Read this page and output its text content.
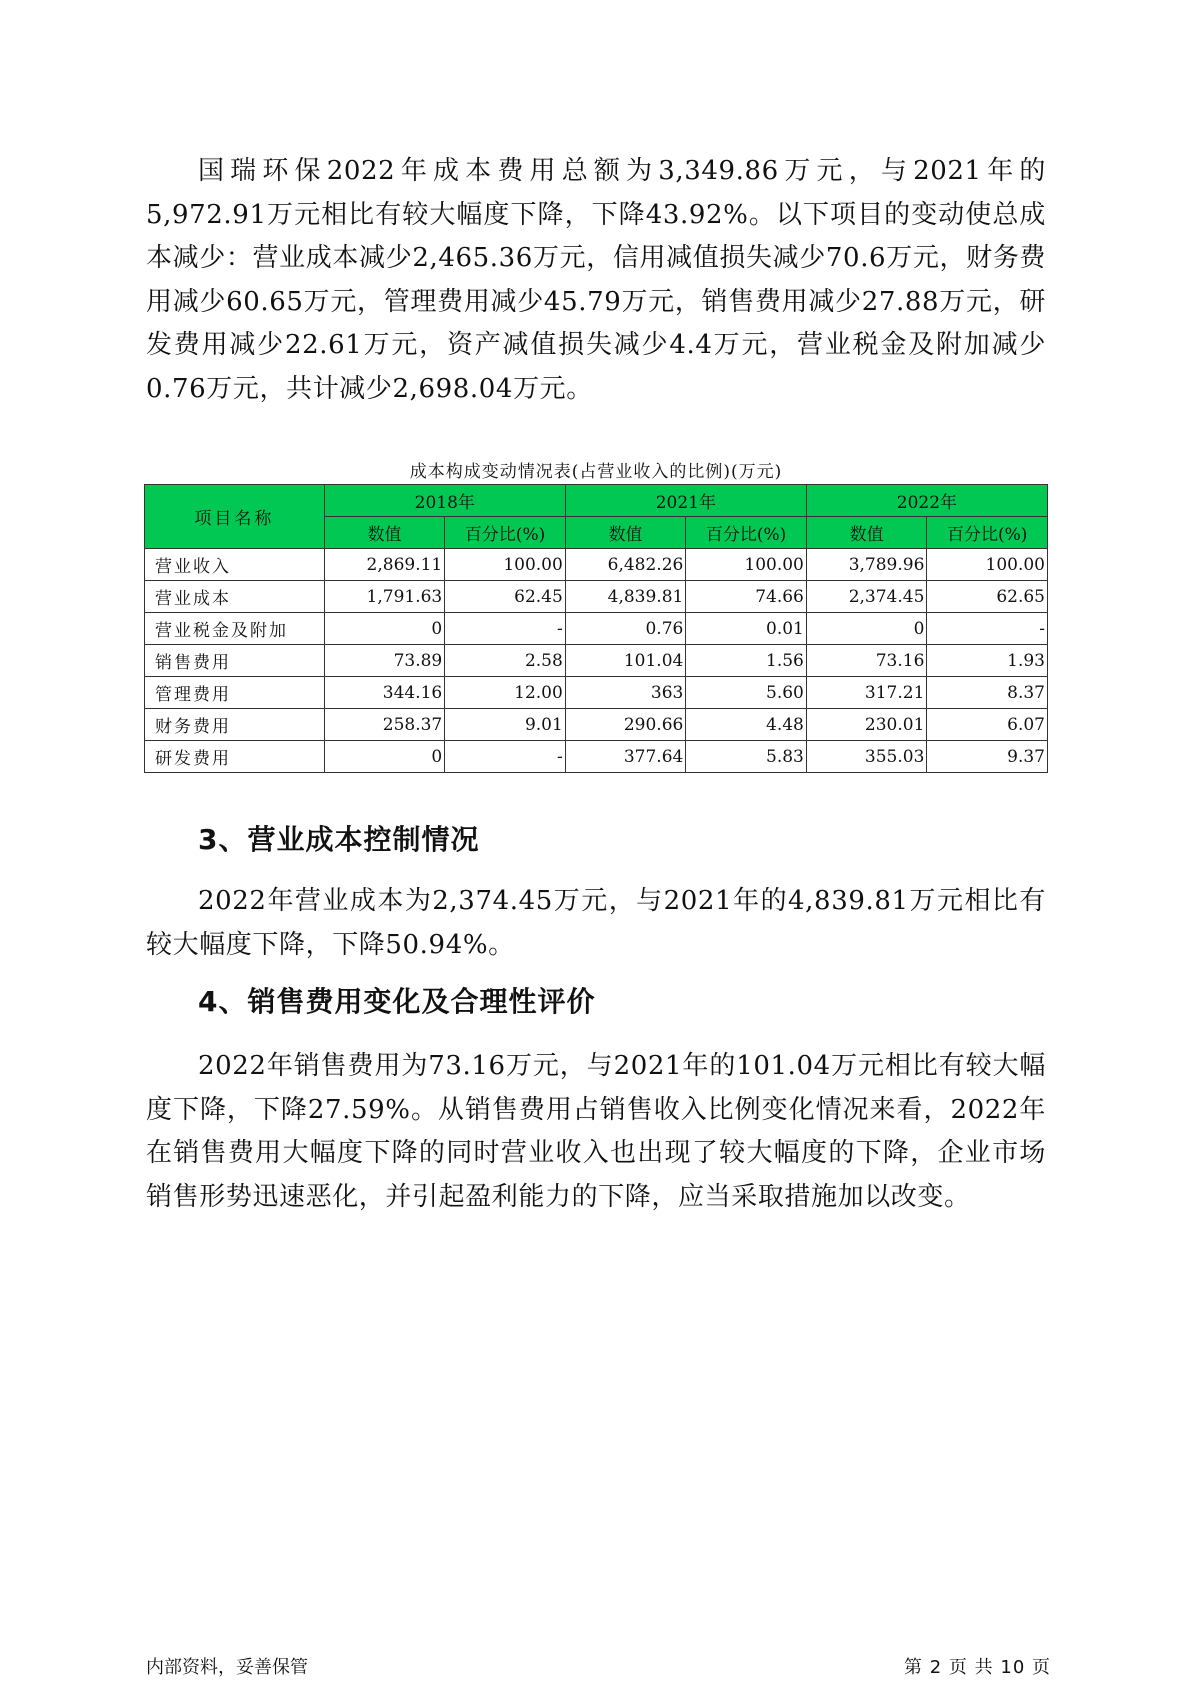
国瑞环保2022年成本费用总额为3,349.86万元，与2021年的5,972.91万元相比有较大幅度下降，下降43.92%。以下项目的变动使总成本减少：营业成本减少2,465.36万元，信用减值损失减少70.6万元，财务费用减少60.65万元，管理费用减少45.79万元，销售费用减少27.88万元，研发费用减少22.61万元，资产减值损失减少4.4万元，营业税金及附加减少0.76万元，共计减少2,698.04万元。

成本构成变动情况表(占营业收入的比例)(万元)
项目名称	2018年		2021年		2022年	
	数值	百分比(%)	数值	百分比(%)	数值	百分比(%)
营业收入	2,869.11	100.00	6,482.26	100.00	3,789.96	100.00
营业成本	1,791.63	62.45	4,839.81	74.66	2,374.45	62.65
营业税金及附加	0	-	0.76	0.01	0	-
销售费用	73.89	2.58	101.04	1.56	73.16	1.93
管理费用	344.16	12.00	363	5.60	317.21	8.37
财务费用	258.37	9.01	290.66	4.48	230.01	6.07
研发费用	0	-	377.64	5.83	355.03	9.37
3、营业成本控制情况

2022年营业成本为2,374.45万元，与2021年的4,839.81万元相比有较大幅度下降，下降50.94%。

4、销售费用变化及合理性评价

2022年销售费用为73.16万元，与2021年的101.04万元相比有较大幅度下降，下降27.59%。从销售费用占销售收入比例变化情况来看，2022年在销售费用大幅度下降的同时营业收入也出现了较大幅度的下降，企业市场销售形势迅速恶化，并引起盈利能力的下降，应当采取措施加以改变。

内部资料，妥善保管	第 2 页 共 10 页
